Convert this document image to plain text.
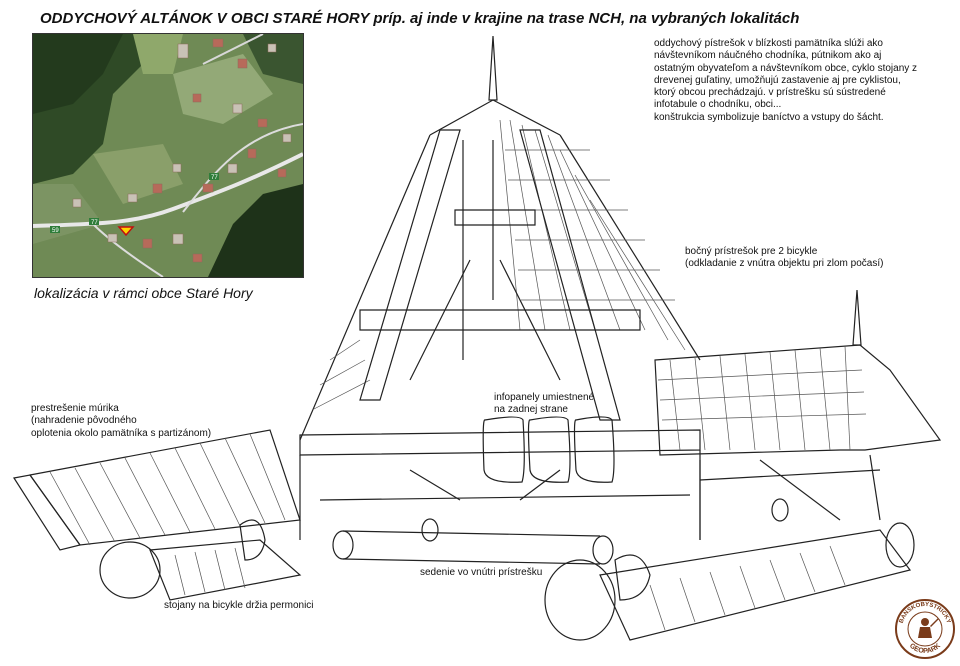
ODDYCHOVÝ ALTÁNOK V OBCI STARÉ HORY príp. aj inde v krajine na trase NCH, na vybraných lokalitách
77
59
77
lokalizácia v rámci obce Staré Hory
oddychový pístrešok v blízkosti pamätníka slúži ako
návštevníkom náučného chodníka, pútnikom ako aj
ostatným obyvateľom a návštevníkom obce, cyklo stojany z
drevenej guľatiny, umožňujú zastavenie aj pre cyklistou,
ktorý obcou prechádzajú. v prístrešku sú sústredené
infotabule o chodníku, obci...
konštrukcia symbolizuje baníctvo a vstupy do šácht.
bočný prístrešok pre 2 bicykle
(odkladanie z vnútra objektu pri zlom počasí)
prestrešenie múrika
(nahradenie pôvodného
oplotenia okolo pamätníka s partizánom)
infopanely umiestnené
na zadnej strane
sedenie vo vnútri prístrešku
stojany na bicykle držia permonici
BANSKOBYSTRICKÝ
GEOPARK
